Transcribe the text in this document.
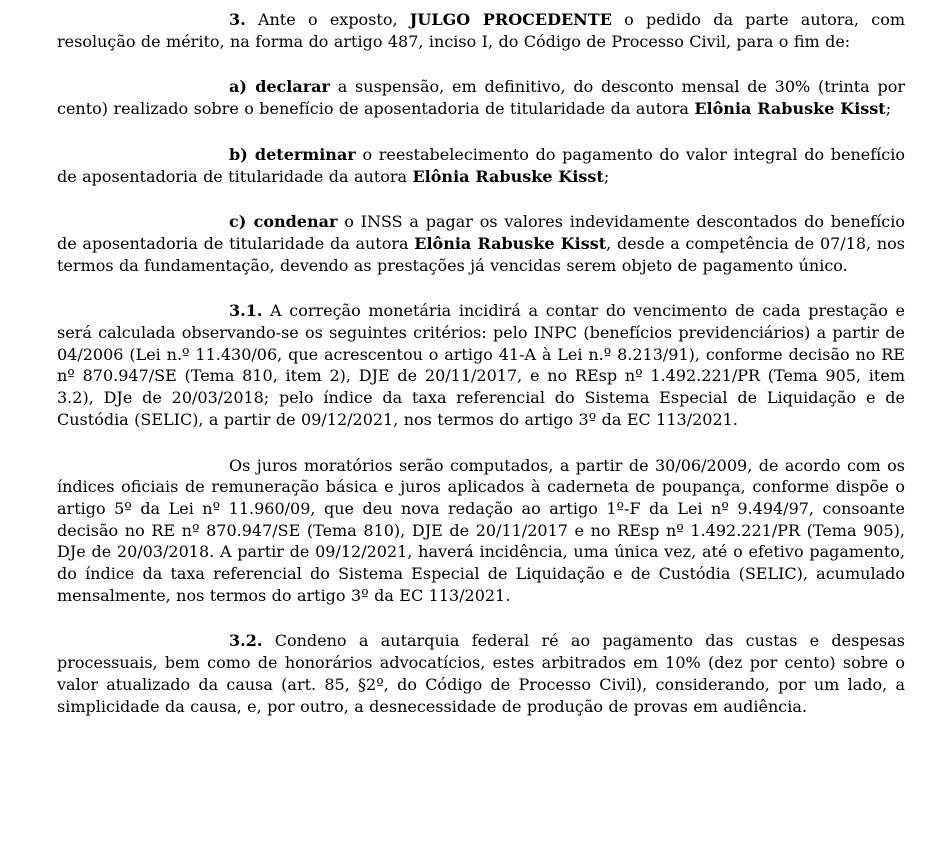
3. Ante o exposto, JULGO PROCEDENTE o pedido da parte autora, com resolução de mérito, na forma do artigo 487, inciso I, do Código de Processo Civil, para o fim de:

a) declarar a suspensão, em definitivo, do desconto mensal de 30% (trinta por cento) realizado sobre o benefício de aposentadoria de titularidade da autora Elônia Rabuske Kisst;

b) determinar o reestabelecimento do pagamento do valor integral do benefício de aposentadoria de titularidade da autora Elônia Rabuske Kisst;

c) condenar o INSS a pagar os valores indevidamente descontados do benefício de aposentadoria de titularidade da autora Elônia Rabuske Kisst, desde a competência de 07/18, nos termos da fundamentação, devendo as prestações já vencidas serem objeto de pagamento único.

3.1. A correção monetária incidirá a contar do vencimento de cada prestação e será calculada observando-se os seguintes critérios: pelo INPC (benefícios previdenciários) a partir de 04/2006 (Lei n.º 11.430/06, que acrescentou o artigo 41-A à Lei n.º 8.213/91), conforme decisão no RE nº 870.947/SE (Tema 810, item 2), DJE de 20/11/2017, e no REsp nº 1.492.221/PR (Tema 905, item 3.2), DJe de 20/03/2018; pelo índice da taxa referencial do Sistema Especial de Liquidação e de Custódia (SELIC), a partir de 09/12/2021, nos termos do artigo 3º da EC 113/2021.

Os juros moratórios serão computados, a partir de 30/06/2009, de acordo com os índices oficiais de remuneração básica e juros aplicados à caderneta de poupança, conforme dispõe o artigo 5º da Lei nº 11.960/09, que deu nova redação ao artigo 1º-F da Lei nº 9.494/97, consoante decisão no RE nº 870.947/SE (Tema 810), DJE de 20/11/2017 e no REsp nº 1.492.221/PR (Tema 905), DJe de 20/03/2018. A partir de 09/12/2021, haverá incidência, uma única vez, até o efetivo pagamento, do índice da taxa referencial do Sistema Especial de Liquidação e de Custódia (SELIC), acumulado mensalmente, nos termos do artigo 3º da EC 113/2021.

3.2. Condeno a autarquia federal ré ao pagamento das custas e despesas processuais, bem como de honorários advocatícios, estes arbitrados em 10% (dez por cento) sobre o valor atualizado da causa (art. 85, §2º, do Código de Processo Civil), considerando, por um lado, a simplicidade da causa, e, por outro, a desnecessidade de produção de provas em audiência.
